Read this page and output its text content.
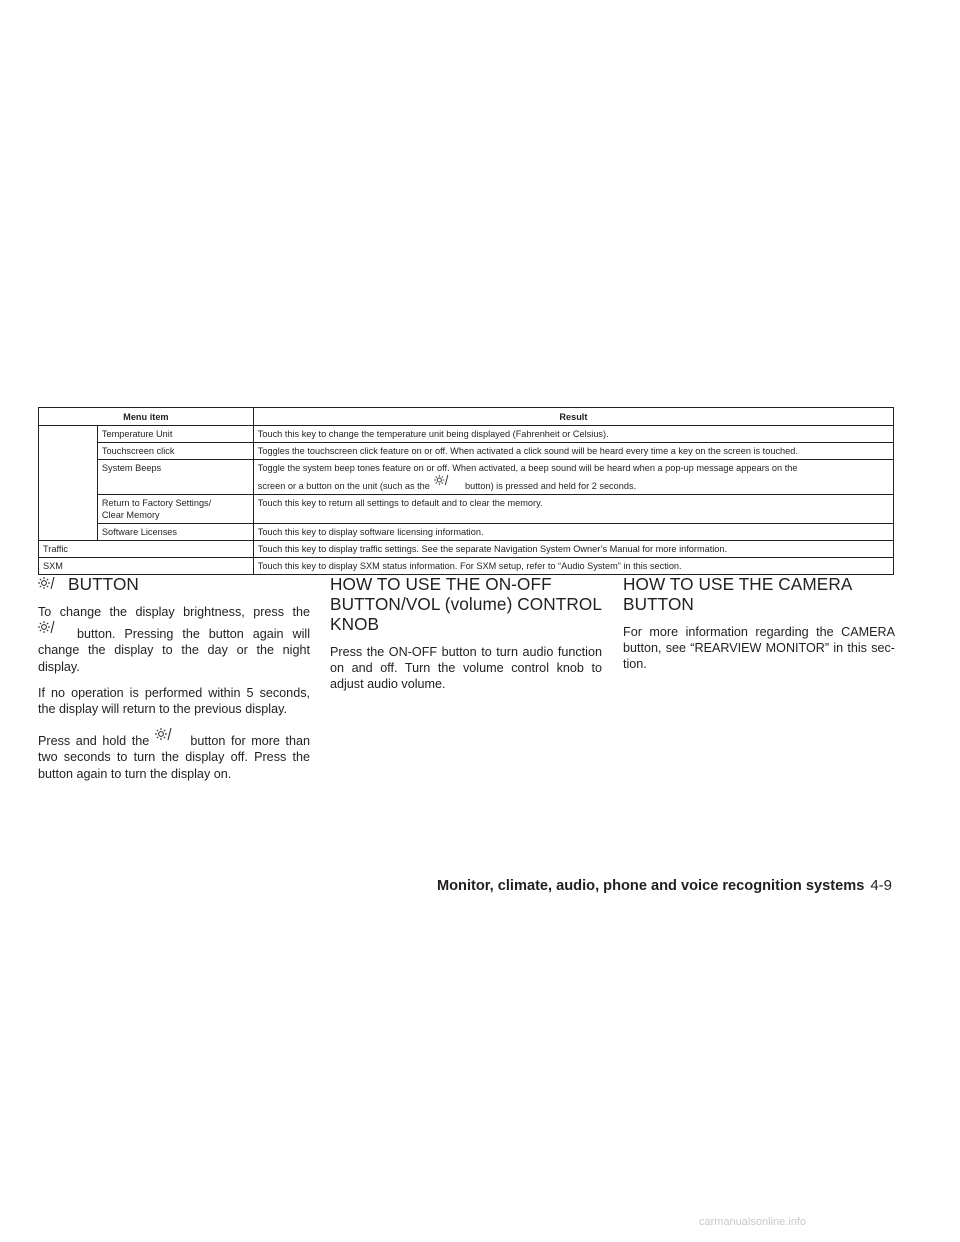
Menu item		Result
	Temperature Unit	Touch this key to change the temperature unit being displayed (Fahrenheit or Celsius).
	Touchscreen click	Toggles the touchscreen click feature on or off. When activated a click sound will be heard every time a key on the screen is touched.
	System Beeps	Toggle the system beep tones feature on or off. When activated, a beep sound will be heard when a pop-up message appears on the
screen or a button on the unit (such as the button) is pressed and held for 2 seconds.
	Return to Factory Settings/
Clear Memory	Touch this key to return all settings to default and to clear the memory.
	Software Licenses	Touch this key to display software licensing information.
Traffic		Touch this key to display traffic settings. See the separate Navigation System Owner’s Manual for more information.
SXM		Touch this key to display SXM status information. For SXM setup, refer to “Audio System” in this section.
BUTTON

To change the display brightness, press the  button. Pressing the button again will change the display to the day or the night display.

If no operation is performed within 5 seconds, the display will return to the previous display.

Press and hold the	button for more than two seconds to turn the display off. Press the button again to turn the display on.

HOW TO USE THE ON-OFF BUTTON/VOL (volume) CONTROL KNOB

Press the ON-OFF button to turn audio function on and off. Turn the volume control knob to adjust audio volume.

HOW TO USE THE CAMERA BUTTON

For more information regarding the CAMERA button, see “REARVIEW MONITOR” in this sec-tion.

Monitor, climate, audio, phone and voice recognition systems 4-9
carmanualsonline.info
